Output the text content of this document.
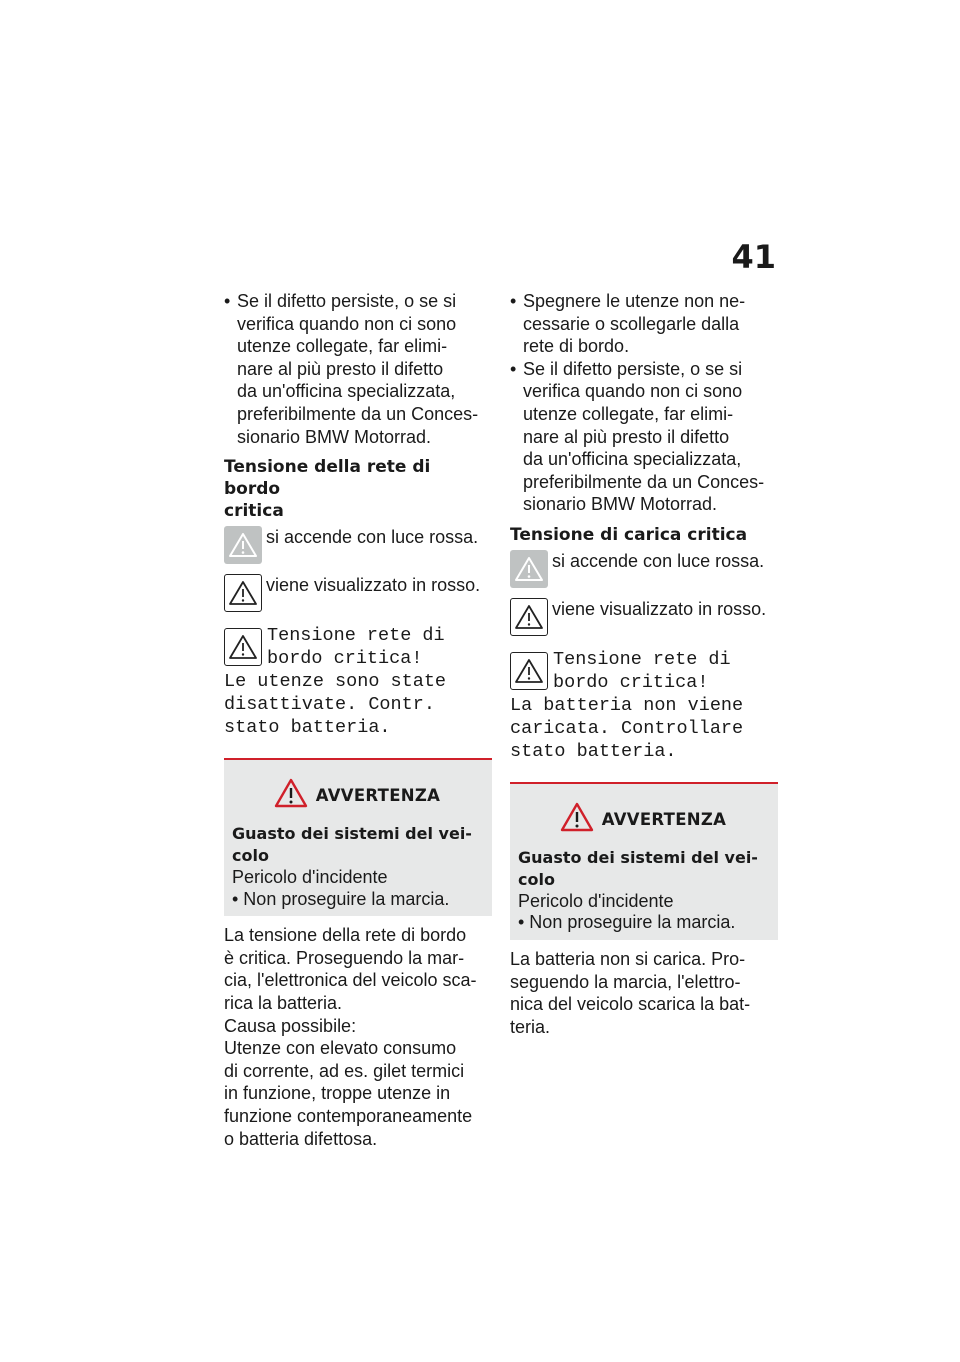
41
• Se il difetto persiste, o se si
verifica quando non ci sono
utenze collegate, far elimi-
nare al più presto il difetto
da un'officina specializzata,
preferibilmente da un Conces-
sionario BMW Motorrad.
Tensione della rete di bordo
critica
si accende con luce rossa.
viene visualizzato in rosso.
Tensione rete di
bordo critica!
Le utenze sono state
disattivate. Contr.
stato batteria.
AVVERTENZA
Guasto dei sistemi del vei-
colo
Pericolo d'incidente
• Non proseguire la marcia.
La tensione della rete di bordo
è critica. Proseguendo la mar-
cia, l'elettronica del veicolo sca-
rica la batteria.
Causa possibile:
Utenze con elevato consumo
di corrente, ad es. gilet termici
in funzione, troppe utenze in
funzione contemporaneamente
o batteria difettosa.
• Spegnere le utenze non ne-
cessarie o scollegarle dalla
rete di bordo.
• Se il difetto persiste, o se si
verifica quando non ci sono
utenze collegate, far elimi-
nare al più presto il difetto
da un'officina specializzata,
preferibilmente da un Conces-
sionario BMW Motorrad.
Tensione di carica critica
si accende con luce rossa.
viene visualizzato in rosso.
Tensione rete di
bordo critica!
La batteria non viene
caricata. Controllare
stato batteria.
AVVERTENZA
Guasto dei sistemi del vei-
colo
Pericolo d'incidente
• Non proseguire la marcia.
La batteria non si carica. Pro-
seguendo la marcia, l'elettro-
nica del veicolo scarica la bat-
teria.
